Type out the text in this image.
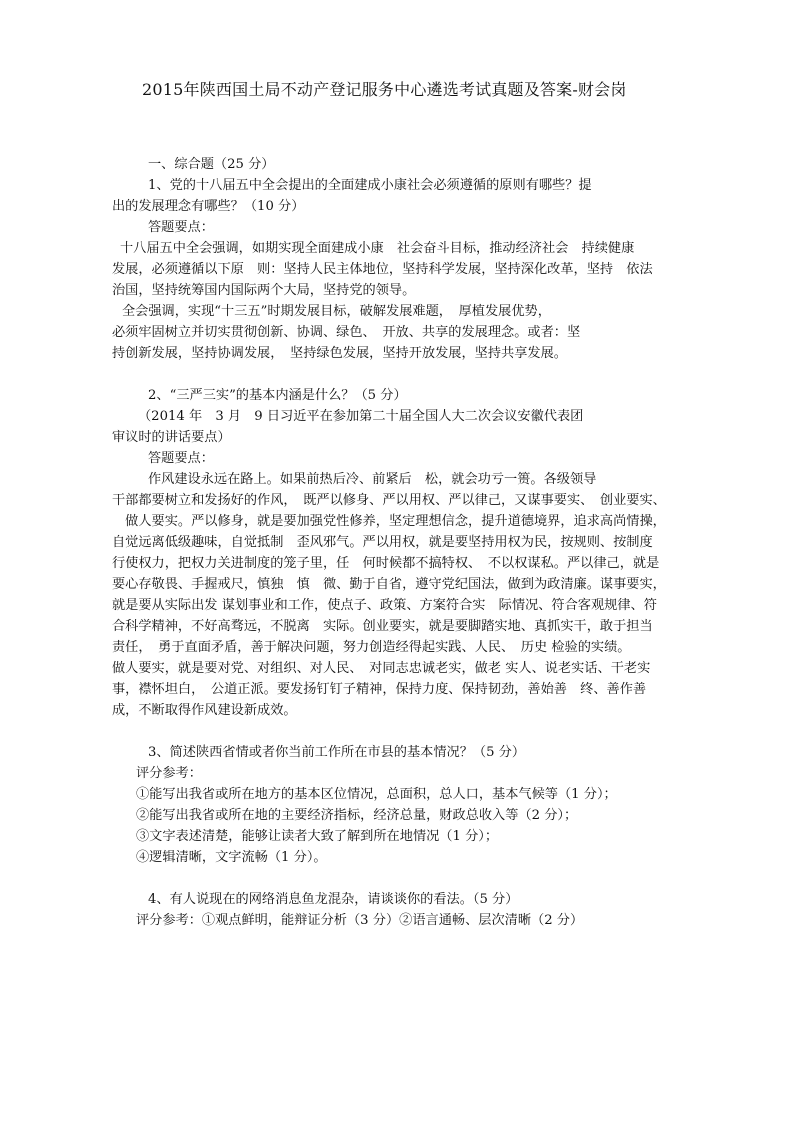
2015年陕西国土局不动产登记服务中心遴选考试真题及答案-财会岗
一、综合题（25 分）
1、党的十八届五中全会提出的全面建成小康社会必须遵循的原则有哪些？提
出的发展理念有哪些？（10 分）
答题要点：
十八届五中全会强调，如期实现全面建成小康　社会奋斗目标，推动经济社会　持续健康
发展，必须遵循以下原　则：坚持人民主体地位，坚持科学发展，坚持深化改革，坚持　依法
治国，坚持统筹国内国际两个大局，坚持党的领导。
全会强调，实现“十三五”时期发展目标，破解发展难题，　厚植发展优势，
必须牢固树立并切实贯彻创新、协调、绿色、　开放、共享的发展理念。或者：坚
持创新发展，坚持协调发展，　坚持绿色发展，坚持开放发展，坚持共享发展。
2、“三严三实”的基本内涵是什么？（5 分）
（2014 年　3 月　9 日习近平在参加第二十届全国人大二次会议安徽代表团
审议时的讲话要点）
答题要点：
作风建设永远在路上。如果前热后冷、前紧后　松，就会功亏一篑。各级领导
干部都要树立和发扬好的作风，　既严以修身、严以用权、严以律己，又谋事要实、　创业要实、
　做人要实。严以修身，就是要加强党性修养，坚定理想信念，提升道德境界，追求高尚情操，
自觉远离低级趣味，自觉抵制　歪风邪气。严以用权，就是要坚持用权为民，按规则、按制度
行使权力，把权力关进制度的笼子里，任　何时候都不搞特权、　不以权谋私。严以律己，就是
要心存敬畏、手握戒尺，慎独　慎　微、勤于自省，遵守党纪国法，做到为政清廉。谋事要实，
就是要从实际出发 谋划事业和工作，使点子、政策、方案符合实　际情况、符合客观规律、符
合科学精神，不好高骛远，不脱离　实际。创业要实，就是要脚踏实地、真抓实干，敢于担当
责任，　勇于直面矛盾，善于解决问题，努力创造经得起实践、人民、　历史 检验的实绩。
做人要实，就是要对党、对组织、对人民、　对同志忠诚老实，做老 实人、说老实话、干老实
事，襟怀坦白，　公道正派。要发扬钉钉子精神，保持力度、保持韧劲，善始善　终、善作善
成，不断取得作风建设新成效。
3、简述陕西省情或者你当前工作所在市县的基本情况？（5 分）
评分参考：
①能写出我省或所在地方的基本区位情况，总面积，总人口，基本气候等（1 分）；
②能写出我省或所在地的主要经济指标，经济总量，财政总收入等（2 分）；
③文字表述清楚，能够让读者大致了解到所在地情况（1 分）；
④逻辑清晰，文字流畅（1 分）。
4、有人说现在的网络消息鱼龙混杂，请谈谈你的看法。（5 分）
评分参考：①观点鲜明，能辩证分析（3 分）②语言通畅、层次清晰（2 分）
